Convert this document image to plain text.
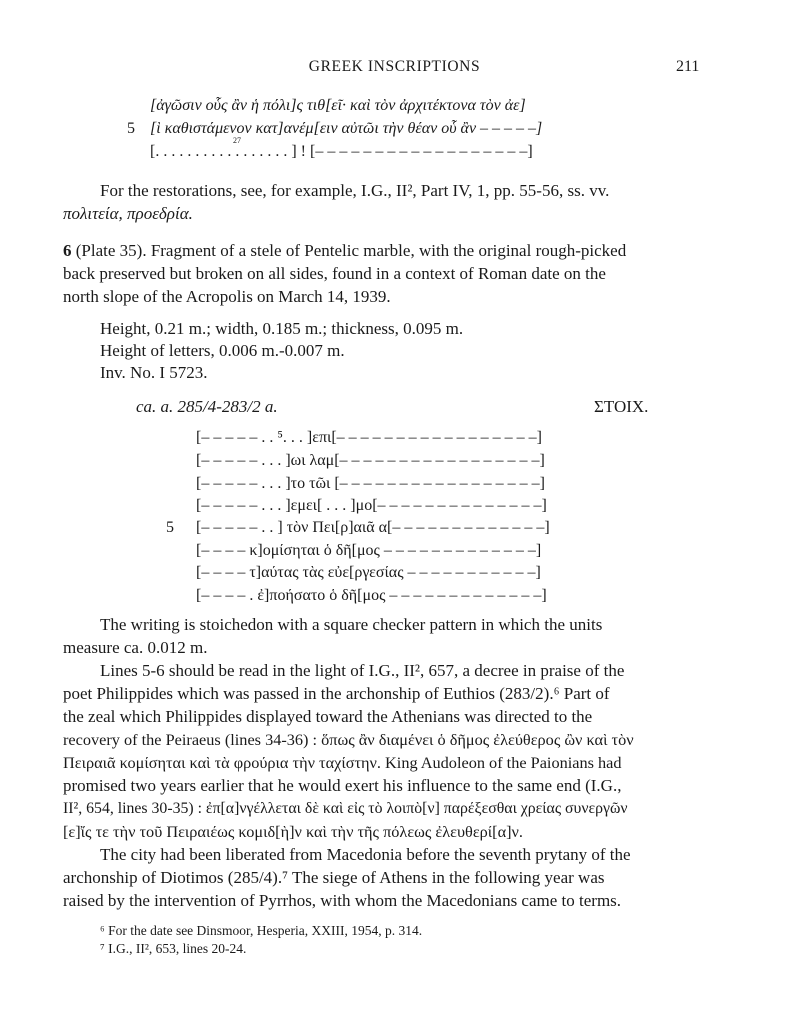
GREEK INSCRIPTIONS	211
[ἀγῶσιν οὗς ἂν ἡ πόλι]ς τιθ[εῖ· καὶ τὸν ἀρχιτέκτονα τὸν ἀε]
5 [ὶ καθιστάμενον κατ]ανέμ[ειν αὐτῶι τὴν θέαν οὗ ἂν – – – – –]
[. . . . . . . . . . . . . . . . . ] ! [– – – – – – – – – – – – – – – – – –]
27
For the restorations, see, for example, I.G., II², Part IV, 1, pp. 55-56, ss. vv.
πολιτεία, προεδρία.
6 (Plate 35). Fragment of a stele of Pentelic marble, with the original rough-picked
back preserved but broken on all sides, found in a context of Roman date on the
north slope of the Acropolis on March 14, 1939.
Height, 0.21 m.; width, 0.185 m.; thickness, 0.095 m.
Height of letters, 0.006 m.-0.007 m.
Inv. No. I 5723.
ca. a. 285/4-283/2 a.	ΣΤΟΙΧ.
[– – – – – . . ⁵. . . ]επι[– – – – – – – – – – – – – – – – –]
[– – – – – . . . ]ωι λαμ[– – – – – – – – – – – – – – – – –]
[– – – – – . . . ]το τῶι [– – – – – – – – – – – – – – – – –]
[– – – – – . . . ]εμει[ . . . ]μο[– – – – – – – – – – – – – –]
5 [– – – – – . . ] τὸν Πει[ρ]αιᾶ α[– – – – – – – – – – – – –]
[– – – – κ]ομίσηται ὁ δῆ[μος – – – – – – – – – – – – –]
[– – – – τ]αύτας τὰς εὐε[ργεσίας – – – – – – – – – – –]
[– – – – . ἐ]ποήσατο ὁ δῆ[μος – – – – – – – – – – – – –]
The writing is stoichedon with a square checker pattern in which the units
measure ca. 0.012 m.
Lines 5-6 should be read in the light of I.G., II², 657, a decree in praise of the
poet Philippides which was passed in the archonship of Euthios (283/2).⁶ Part of
the zeal which Philippides displayed toward the Athenians was directed to the
recovery of the Peiraeus (lines 34-36) : ὅπως ἂν διαμένει ὁ δῆμος ἐλεύθερος ὢν καὶ τὸν
Πειραιᾶ κομίσηται καὶ τὰ φρούρια τὴν ταχίστην. King Audoleon of the Paionians had
promised two years earlier that he would exert his influence to the same end (I.G.,
II², 654, lines 30-35) : ἐπ[α]νγέλλεται δὲ καὶ εἰς τὸ λοιπὸ[ν] παρέξεσθαι χρείας συνεργῶν
[ε]ἴς τε τὴν τοῦ Πειραιέως κομιδ[ὴ]ν καὶ τὴν τῆς πόλεως ἐλευθερί[α]ν.
The city had been liberated from Macedonia before the seventh prytany of the
archonship of Diotimos (285/4).⁷ The siege of Athens in the following year was
raised by the intervention of Pyrrhos, with whom the Macedonians came to terms.
⁶ For the date see Dinsmoor, Hesperia, XXIII, 1954, p. 314.
⁷ I.G., II², 653, lines 20-24.
